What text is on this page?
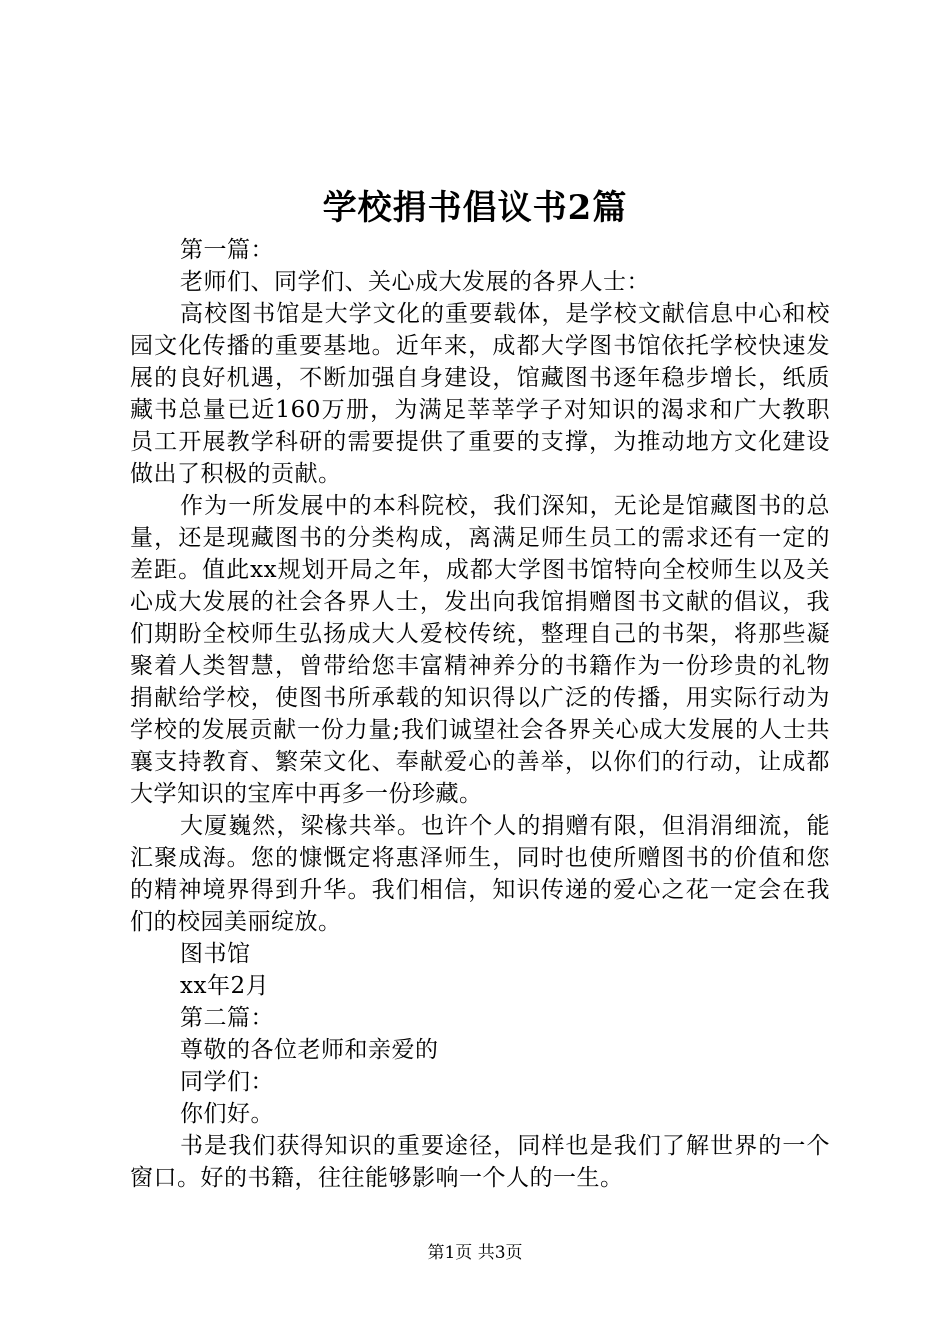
学校捐书倡议书2篇

第一篇：

老师们、同学们、关心成大发展的各界人士：

高校图书馆是大学文化的重要载体，是学校文献信息中心和校园文化传播的重要基地。近年来，成都大学图书馆依托学校快速发展的良好机遇，不断加强自身建设，馆藏图书逐年稳步增长，纸质藏书总量已近160万册，为满足莘莘学子对知识的渴求和广大教职员工开展教学科研的需要提供了重要的支撑，为推动地方文化建设做出了积极的贡献。

作为一所发展中的本科院校，我们深知，无论是馆藏图书的总量，还是现藏图书的分类构成，离满足师生员工的需求还有一定的差距。值此xx规划开局之年，成都大学图书馆特向全校师生以及关心成大发展的社会各界人士，发出向我馆捐赠图书文献的倡议，我们期盼全校师生弘扬成大人爱校传统，整理自己的书架，将那些凝聚着人类智慧，曾带给您丰富精神养分的书籍作为一份珍贵的礼物捐献给学校，使图书所承载的知识得以广泛的传播，用实际行动为学校的发展贡献一份力量;我们诚望社会各界关心成大发展的人士共襄支持教育、繁荣文化、奉献爱心的善举，以你们的行动，让成都大学知识的宝库中再多一份珍藏。

大厦巍然，梁椽共举。也许个人的捐赠有限，但涓涓细流，能汇聚成海。您的慷慨定将惠泽师生，同时也使所赠图书的价值和您的精神境界得到升华。我们相信，知识传递的爱心之花一定会在我们的校园美丽绽放。

图书馆

xx年2月

第二篇：

尊敬的各位老师和亲爱的

同学们：

你们好。

书是我们获得知识的重要途径，同样也是我们了解世界的一个窗口。好的书籍，往往能够影响一个人的一生。

第1页 共3页
